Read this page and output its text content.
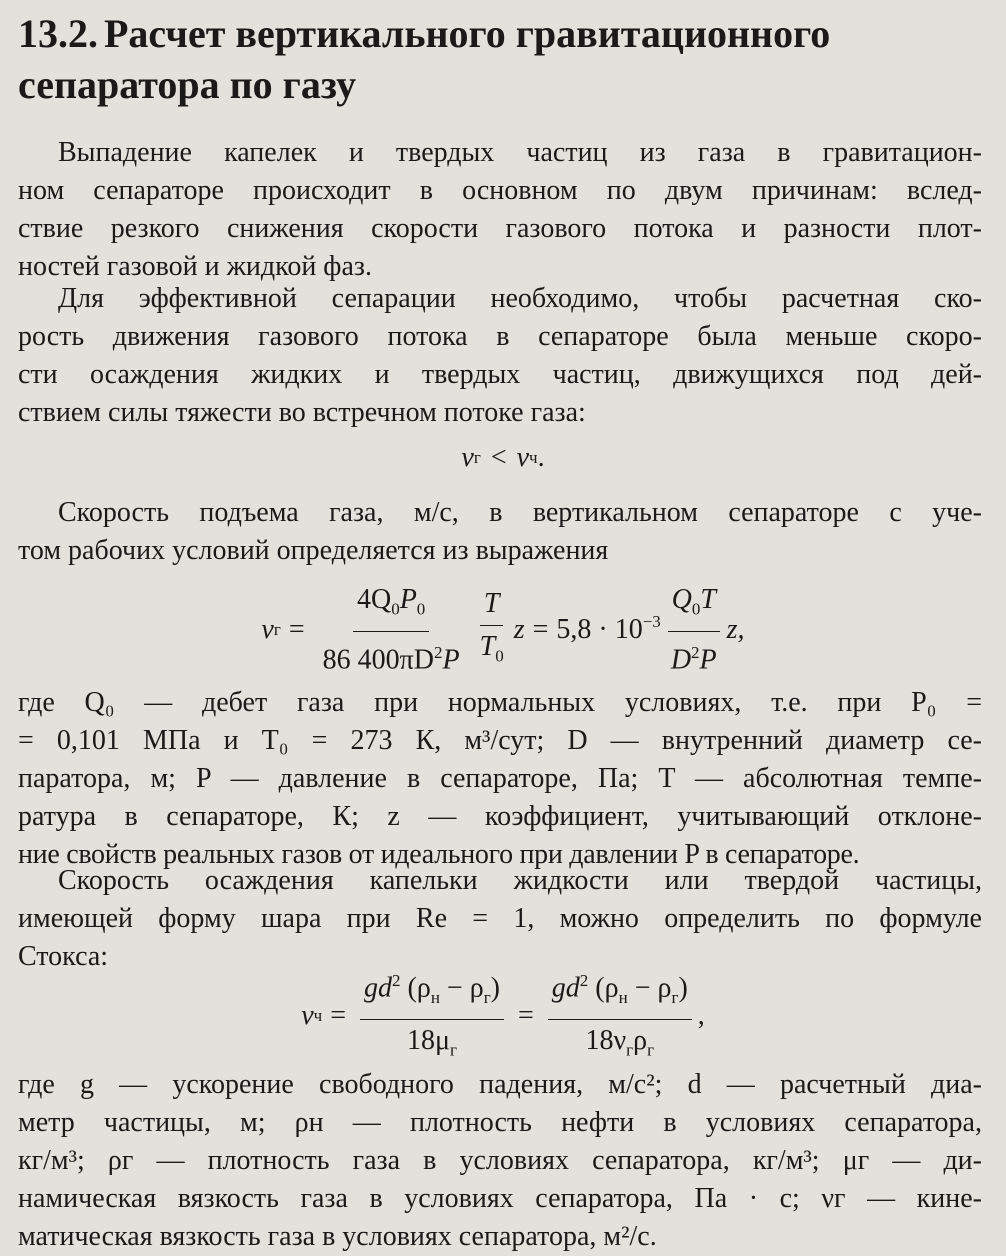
13.2. Расчет вертикального гравитационного
сепаратора по газу

Выпадение капелек и твердых частиц из газа в гравитацион-
ном сепараторе происходит в основном по двум причинам: вслед-
ствие резкого снижения скорости газового потока и разности плот-
ностей газовой и жидкой фаз.

Для эффективной сепарации необходимо, чтобы расчетная ско-
рость движения газового потока в сепараторе была меньше скоро-
сти осаждения жидких и твердых частиц, движущихся под дей-
ствием силы тяжести во встречном потоке газа:

v г < v ч .

Скорость подъема газа, м/с, в вертикальном сепараторе с уче-
том рабочих условий определяется из выражения

v $г = \frac{4Q_0P_0}{86 400\pi D^2P} \frac{T}{T_0}$ $z = 5,8 \cdot 10^{-3} \frac{Q_0T}{D^2P} z$,

где Q₀ — дебет газа при нормальных условиях, т.е. при P₀ =
= 0,101 МПа и T₀ = 273 К, м³/сут; D — внутренний диаметр се-
паратора, м; P — давление в сепараторе, Па; T — абсолютная темпе-
ратура в сепараторе, К; z — коэффициент, учитывающий отклоне-
ние свойств реальных газов от идеального при давлении P в сепараторе.

Скорость осаждения капельки жидкости или твердой частицы,
имеющей форму шара при Re = 1, можно определить по формуле
Стокса:

v $ч = \frac{gd^2 (\rho_н - \rho_г)}{18\mu_г} = \frac{gd^2 (\rho_н - \rho_г)}{18\nu_г\rho_г}$ ,

где g — ускорение свободного падения, м/с²; d — расчетный диа-
метр частицы, м; ρн — плотность нефти в условиях сепаратора,
кг/м³; ρг — плотность газа в условиях сепаратора, кг/м³; μг — ди-
намическая вязкость газа в условиях сепаратора, Па · с; νг — кине-
матическая вязкость газа в условиях сепаратора, м²/с.
